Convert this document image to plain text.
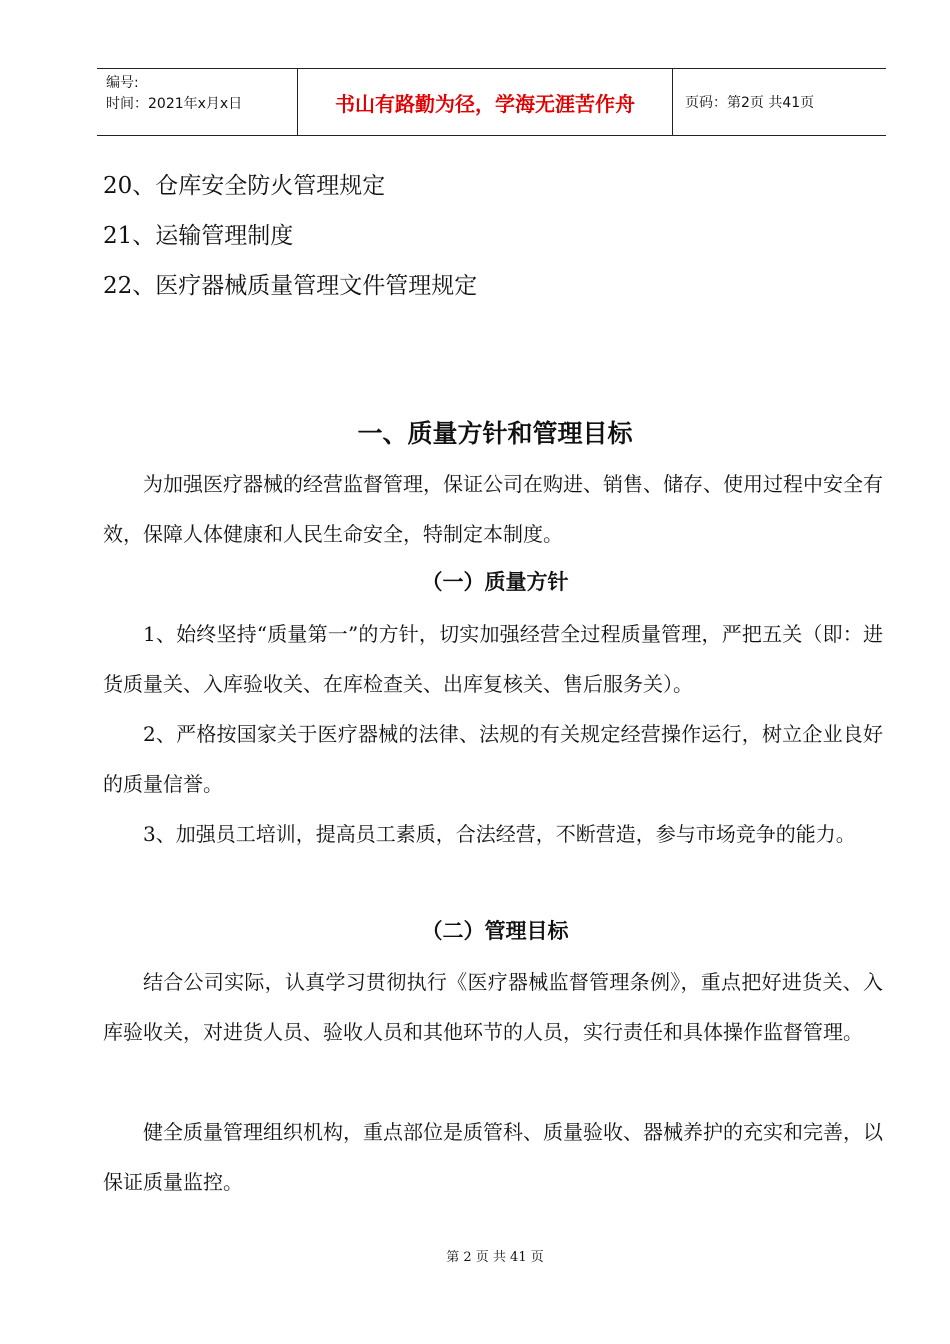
编号:
时间：2021年x月x日	书山有路勤为径，学海无涯苦作舟	页码：第2页 共41页
20、仓库安全防火管理规定
21、运输管理制度
22、医疗器械质量管理文件管理规定
一、质量方针和管理目标

为加强医疗器械的经营监督管理，保证公司在购进、销售、储存、使用过程中安全有效，保障人体健康和人民生命安全，特制定本制度。

（一）质量方针

1、始终坚持“质量第一”的方针，切实加强经营全过程质量管理，严把五关（即：进货质量关、入库验收关、在库检查关、出库复核关、售后服务关）。

2、严格按国家关于医疗器械的法律、法规的有关规定经营操作运行，树立企业良好的质量信誉。

3、加强员工培训，提高员工素质，合法经营，不断营造，参与市场竞争的能力。

（二）管理目标

结合公司实际，认真学习贯彻执行《医疗器械监督管理条例》，重点把好进货关、入库验收关，对进货人员、验收人员和其他环节的人员，实行责任和具体操作监督管理。

健全质量管理组织机构，重点部位是质管科、质量验收、器械养护的充实和完善，以保证质量监控。

第 2 页 共 41 页
